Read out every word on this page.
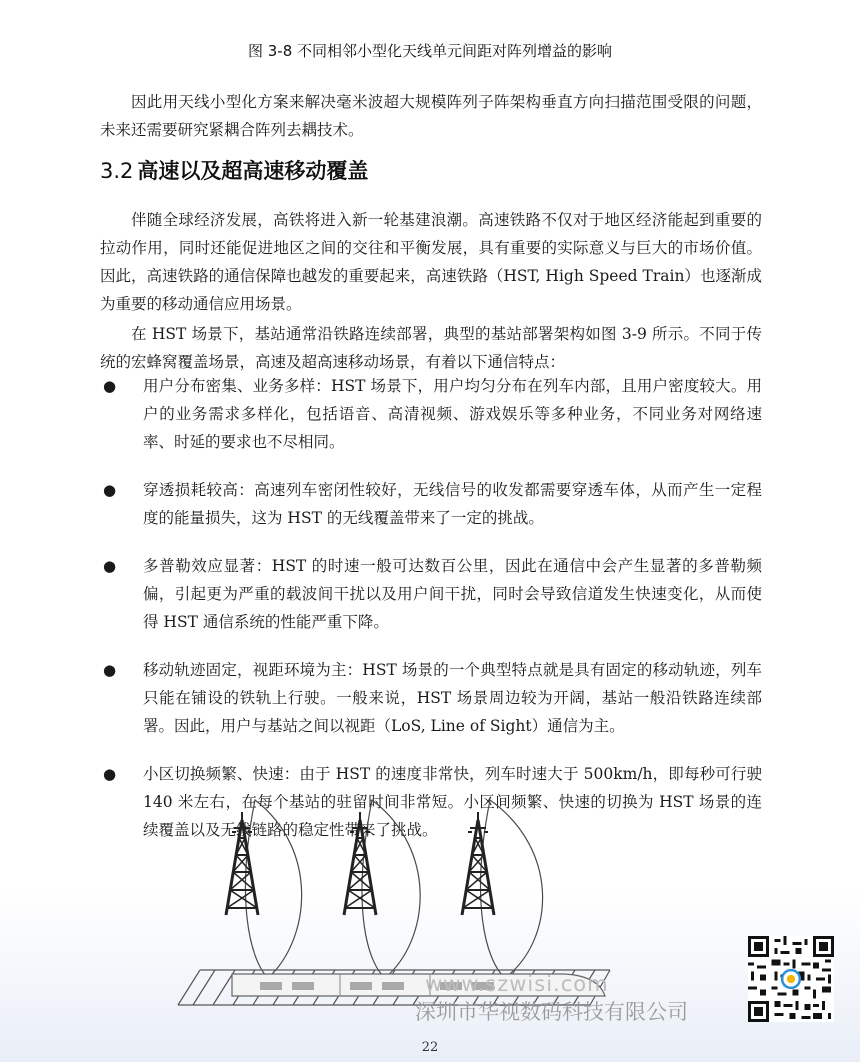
图 3-8 不同相邻小型化天线单元间距对阵列增益的影响

因此用天线小型化方案来解决毫米波超大规模阵列子阵架构垂直方向扫描范围受限的问题，未来还需要研究紧耦合阵列去耦技术。

3.2 高速以及超高速移动覆盖

伴随全球经济发展，高铁将进入新一轮基建浪潮。高速铁路不仅对于地区经济能起到重要的拉动作用，同时还能促进地区之间的交往和平衡发展，具有重要的实际意义与巨大的市场价值。因此，高速铁路的通信保障也越发的重要起来，高速铁路（HST, High Speed Train）也逐渐成为重要的移动通信应用场景。

在 HST 场景下，基站通常沿铁路连续部署，典型的基站部署架构如图 3-9 所示。不同于传统的宏蜂窝覆盖场景，高速及超高速移动场景，有着以下通信特点：

● 用户分布密集、业务多样：HST 场景下，用户均匀分布在列车内部，且用户密度较大。用户的业务需求多样化，包括语音、高清视频、游戏娱乐等多种业务，不同业务对网络速率、时延的要求也不尽相同。
● 穿透损耗较高：高速列车密闭性较好，无线信号的收发都需要穿透车体，从而产生一定程度的能量损失，这为 HST 的无线覆盖带来了一定的挑战。
● 多普勒效应显著：HST 的时速一般可达数百公里，因此在通信中会产生显著的多普勒频偏，引起更为严重的载波间干扰以及用户间干扰，同时会导致信道发生快速变化，从而使得 HST 通信系统的性能严重下降。
● 移动轨迹固定，视距环境为主：HST 场景的一个典型特点就是具有固定的移动轨迹，列车只能在铺设的铁轨上行驶。一般来说，HST 场景周边较为开阔，基站一般沿铁路连续部署。因此，用户与基站之间以视距（LoS, Line of Sight）通信为主。
● 小区切换频繁、快速：由于 HST 的速度非常快，列车时速大于 500km/h，即每秒可行驶 140 米左右，在每个基站的驻留时间非常短。小区间频繁、快速的切换为 HST 场景的连续覆盖以及无线链路的稳定性带来了挑战。
www.szwisi.com
深圳市华视数码科技有限公司
22
